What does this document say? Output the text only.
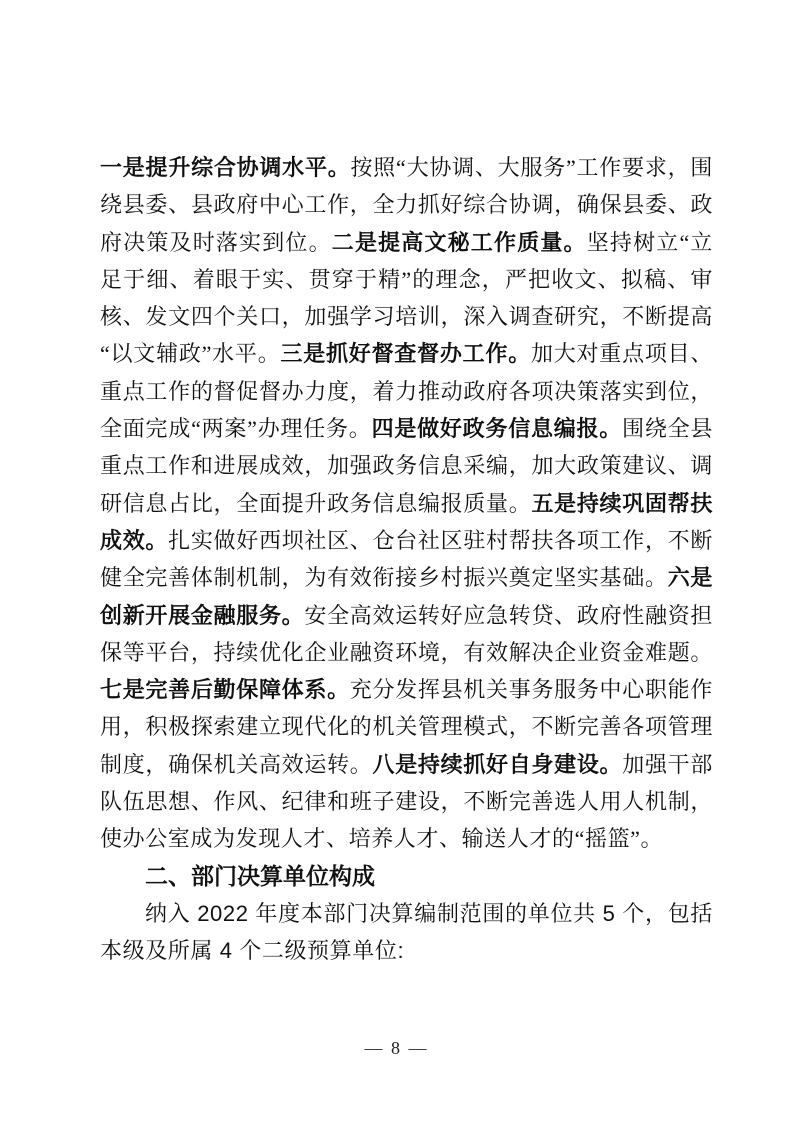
一是提升综合协调水平。按照“大协调、大服务”工作要求，围绕县委、县政府中心工作，全力抓好综合协调，确保县委、政府决策及时落实到位。二是提高文秘工作质量。坚持树立“立足于细、着眼于实、贯穿于精”的理念，严把收文、拟稿、审核、发文四个关口，加强学习培训，深入调查研究，不断提高“以文辅政”水平。三是抓好督查督办工作。加大对重点项目、重点工作的督促督办力度，着力推动政府各项决策落实到位，全面完成“两案”办理任务。四是做好政务信息编报。围绕全县重点工作和进展成效，加强政务信息采编，加大政策建议、调研信息占比，全面提升政务信息编报质量。五是持续巩固帮扶成效。扎实做好西坝社区、仓台社区驻村帮扶各项工作，不断健全完善体制机制，为有效衔接乡村振兴奠定坚实基础。六是创新开展金融服务。安全高效运转好应急转贷、政府性融资担保等平台，持续优化企业融资环境，有效解决企业资金难题。七是完善后勤保障体系。充分发挥县机关事务服务中心职能作用，积极探索建立现代化的机关管理模式，不断完善各项管理制度，确保机关高效运转。八是持续抓好自身建设。加强干部队伍思想、作风、纪律和班子建设，不断完善选人用人机制，使办公室成为发现人才、培养人才、输送人才的“摇篮”。

二、部门决算单位构成

纳入 2022 年度本部门决算编制范围的单位共 5 个，包括本级及所属 4 个二级预算单位:

— 8 —
